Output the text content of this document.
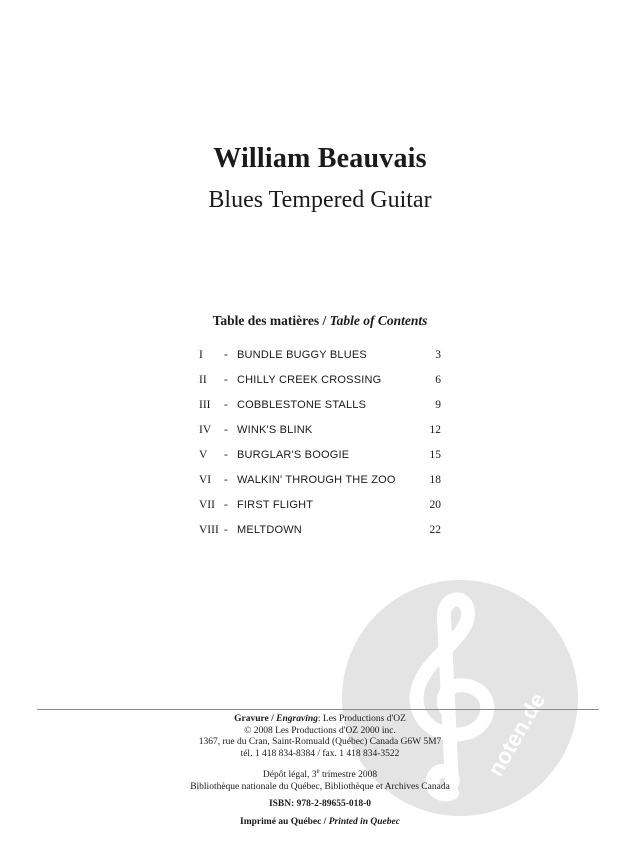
William Beauvais
Blues Tempered Guitar
Table des matières / Table of Contents
I - BUNDLE BUGGY BLUES	3
II - CHILLY CREEK CROSSING	6
III - COBBLESTONE STALLS	9
IV - WINK'S BLINK	12
V - BURGLAR'S BOOGIE	15
VI - WALKIN' THROUGH THE ZOO	18
VII - FIRST FLIGHT	20
VIII - MELTDOWN	22
noten.de
Gravure / Engraving: Les Productions d'OZ
© 2008 Les Productions d'OZ 2000 inc.
1367, rue du Cran, Saint-Romuald (Québec) Canada G6W 5M7
tél. 1 418 834-8384 / fax. 1 418 834-3522
Dépôt légal, 3e trimestre 2008
Bibliothèque nationale du Québec, Bibliothèque et Archives Canada
ISBN: 978-2-89655-018-0
Imprimé au Québec / Printed in Quebec
